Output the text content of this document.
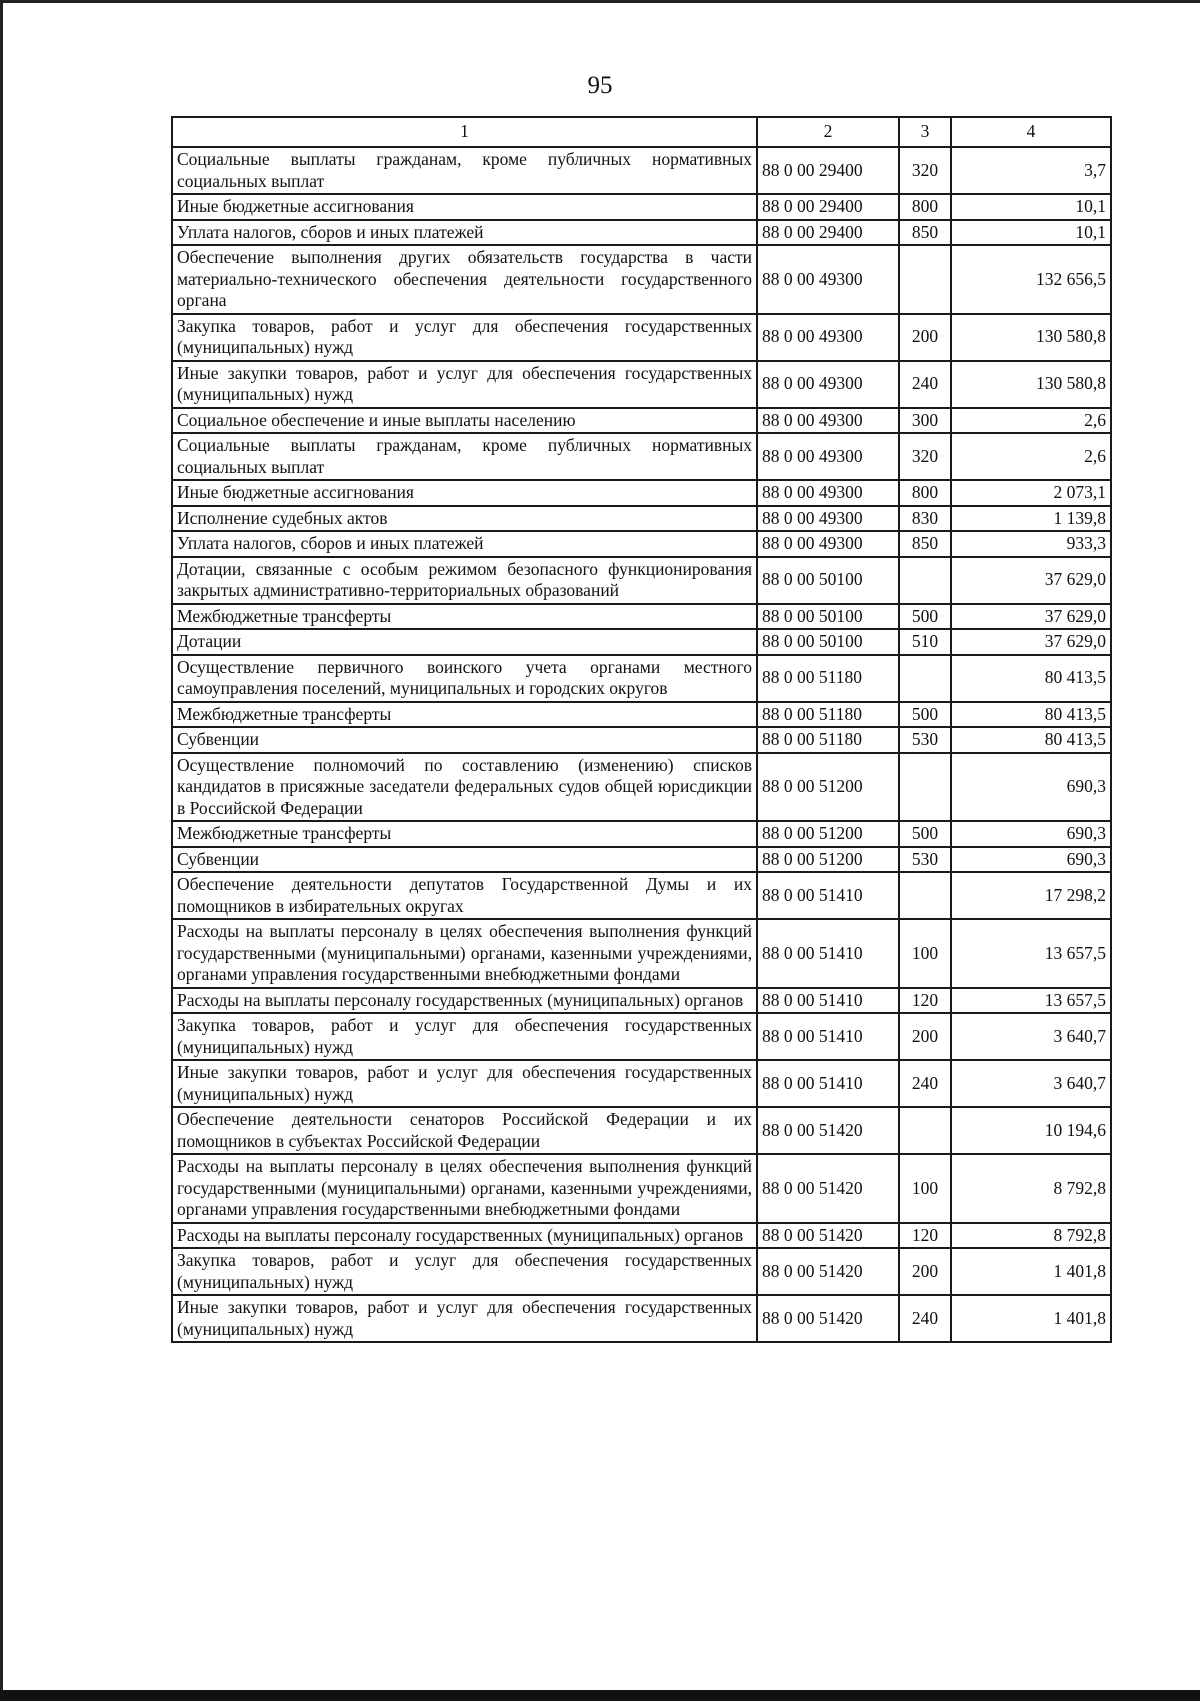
95
1	2	3	4
Социальные выплаты гражданам, кроме публичных нормативных социальных выплат	88 0 00 29400	320	3,7
Иные бюджетные ассигнования	88 0 00 29400	800	10,1
Уплата налогов, сборов и иных платежей	88 0 00 29400	850	10,1
Обеспечение выполнения других обязательств государства в части материально-технического обеспечения деятельности государственного органа	88 0 00 49300		132 656,5
Закупка товаров, работ и услуг для обеспечения государственных (муниципальных) нужд	88 0 00 49300	200	130 580,8
Иные закупки товаров, работ и услуг для обеспечения государственных (муниципальных) нужд	88 0 00 49300	240	130 580,8
Социальное обеспечение и иные выплаты населению	88 0 00 49300	300	2,6
Социальные выплаты гражданам, кроме публичных нормативных социальных выплат	88 0 00 49300	320	2,6
Иные бюджетные ассигнования	88 0 00 49300	800	2 073,1
Исполнение судебных актов	88 0 00 49300	830	1 139,8
Уплата налогов, сборов и иных платежей	88 0 00 49300	850	933,3
Дотации, связанные с особым режимом безопасного функционирования закрытых административно-территориальных образований	88 0 00 50100		37 629,0
Межбюджетные трансферты	88 0 00 50100	500	37 629,0
Дотации	88 0 00 50100	510	37 629,0
Осуществление первичного воинского учета органами местного самоуправления поселений, муниципальных и городских округов	88 0 00 51180		80 413,5
Межбюджетные трансферты	88 0 00 51180	500	80 413,5
Субвенции	88 0 00 51180	530	80 413,5
Осуществление полномочий по составлению (изменению) списков кандидатов в присяжные заседатели федеральных судов общей юрисдикции в Российской Федерации	88 0 00 51200		690,3
Межбюджетные трансферты	88 0 00 51200	500	690,3
Субвенции	88 0 00 51200	530	690,3
Обеспечение деятельности депутатов Государственной Думы и их помощников в избирательных округах	88 0 00 51410		17 298,2
Расходы на выплаты персоналу в целях обеспечения выполнения функций государственными (муниципальными) органами, казенными учреждениями, органами управления государственными внебюджетными фондами	88 0 00 51410	100	13 657,5
Расходы на выплаты персоналу государственных (муниципальных) органов	88 0 00 51410	120	13 657,5
Закупка товаров, работ и услуг для обеспечения государственных (муниципальных) нужд	88 0 00 51410	200	3 640,7
Иные закупки товаров, работ и услуг для обеспечения государственных (муниципальных) нужд	88 0 00 51410	240	3 640,7
Обеспечение деятельности сенаторов Российской Федерации и их помощников в субъектах Российской Федерации	88 0 00 51420		10 194,6
Расходы на выплаты персоналу в целях обеспечения выполнения функций государственными (муниципальными) органами, казенными учреждениями, органами управления государственными внебюджетными фондами	88 0 00 51420	100	8 792,8
Расходы на выплаты персоналу государственных (муниципальных) органов	88 0 00 51420	120	8 792,8
Закупка товаров, работ и услуг для обеспечения государственных (муниципальных) нужд	88 0 00 51420	200	1 401,8
Иные закупки товаров, работ и услуг для обеспечения государственных (муниципальных) нужд	88 0 00 51420	240	1 401,8
